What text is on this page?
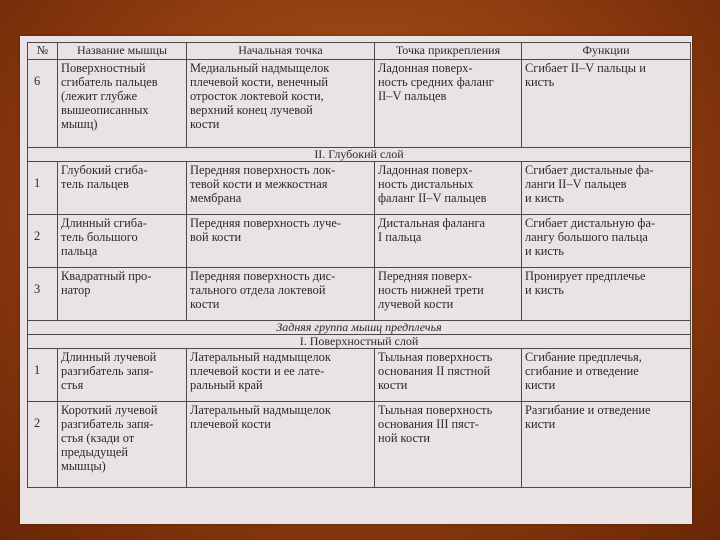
№	Название мышцы	Начальная точка	Точка прикрепления	Функции
6	Поверхностный
сгибатель пальцев
(лежит глубже
вышеописанных
мышц)	Медиальный надмыщелок
плечевой кости, венечный
отросток локтевой кости,
верхний конец лучевой
кости	Ладонная поверх-
ность средних фаланг
II–V пальцев	Сгибает II–V пальцы и
кисть
II. Глубокий слой				
1	Глубокий сгиба-
тель пальцев	Передняя поверхность лок-
тевой кости и межкостная
мембрана	Ладонная поверх-
ность дистальных
фаланг II–V пальцев	Сгибает дистальные фа-
ланги II–V пальцев
и кисть
2	Длинный сгиба-
тель большого
пальца	Передняя поверхность луче-
вой кости	Дистальная фаланга
I пальца	Сгибает дистальную фа-
лангу большого пальца
и кисть
3	Квадратный про-
натор	Передняя поверхность дис-
тального отдела локтевой
кости	Передняя поверх-
ность нижней трети
лучевой кости	Пронирует предплечье
и кисть
Задняя группа мышц предплечья				
I. Поверхностный слой				
1	Длинный лучевой
разгибатель запя-
стья	Латеральный надмыщелок
плечевой кости и ее лате-
ральный край	Тыльная поверхность
основания II пястной
кости	Сгибание предплечья,
сгибание и отведение
кисти
2	Короткий лучевой
разгибатель запя-
стья (кзади от
предыдущей
мышцы)	Латеральный надмыщелок
плечевой кости	Тыльная поверхность
основания III пяст-
ной кости	Разгибание и отведение
кисти
